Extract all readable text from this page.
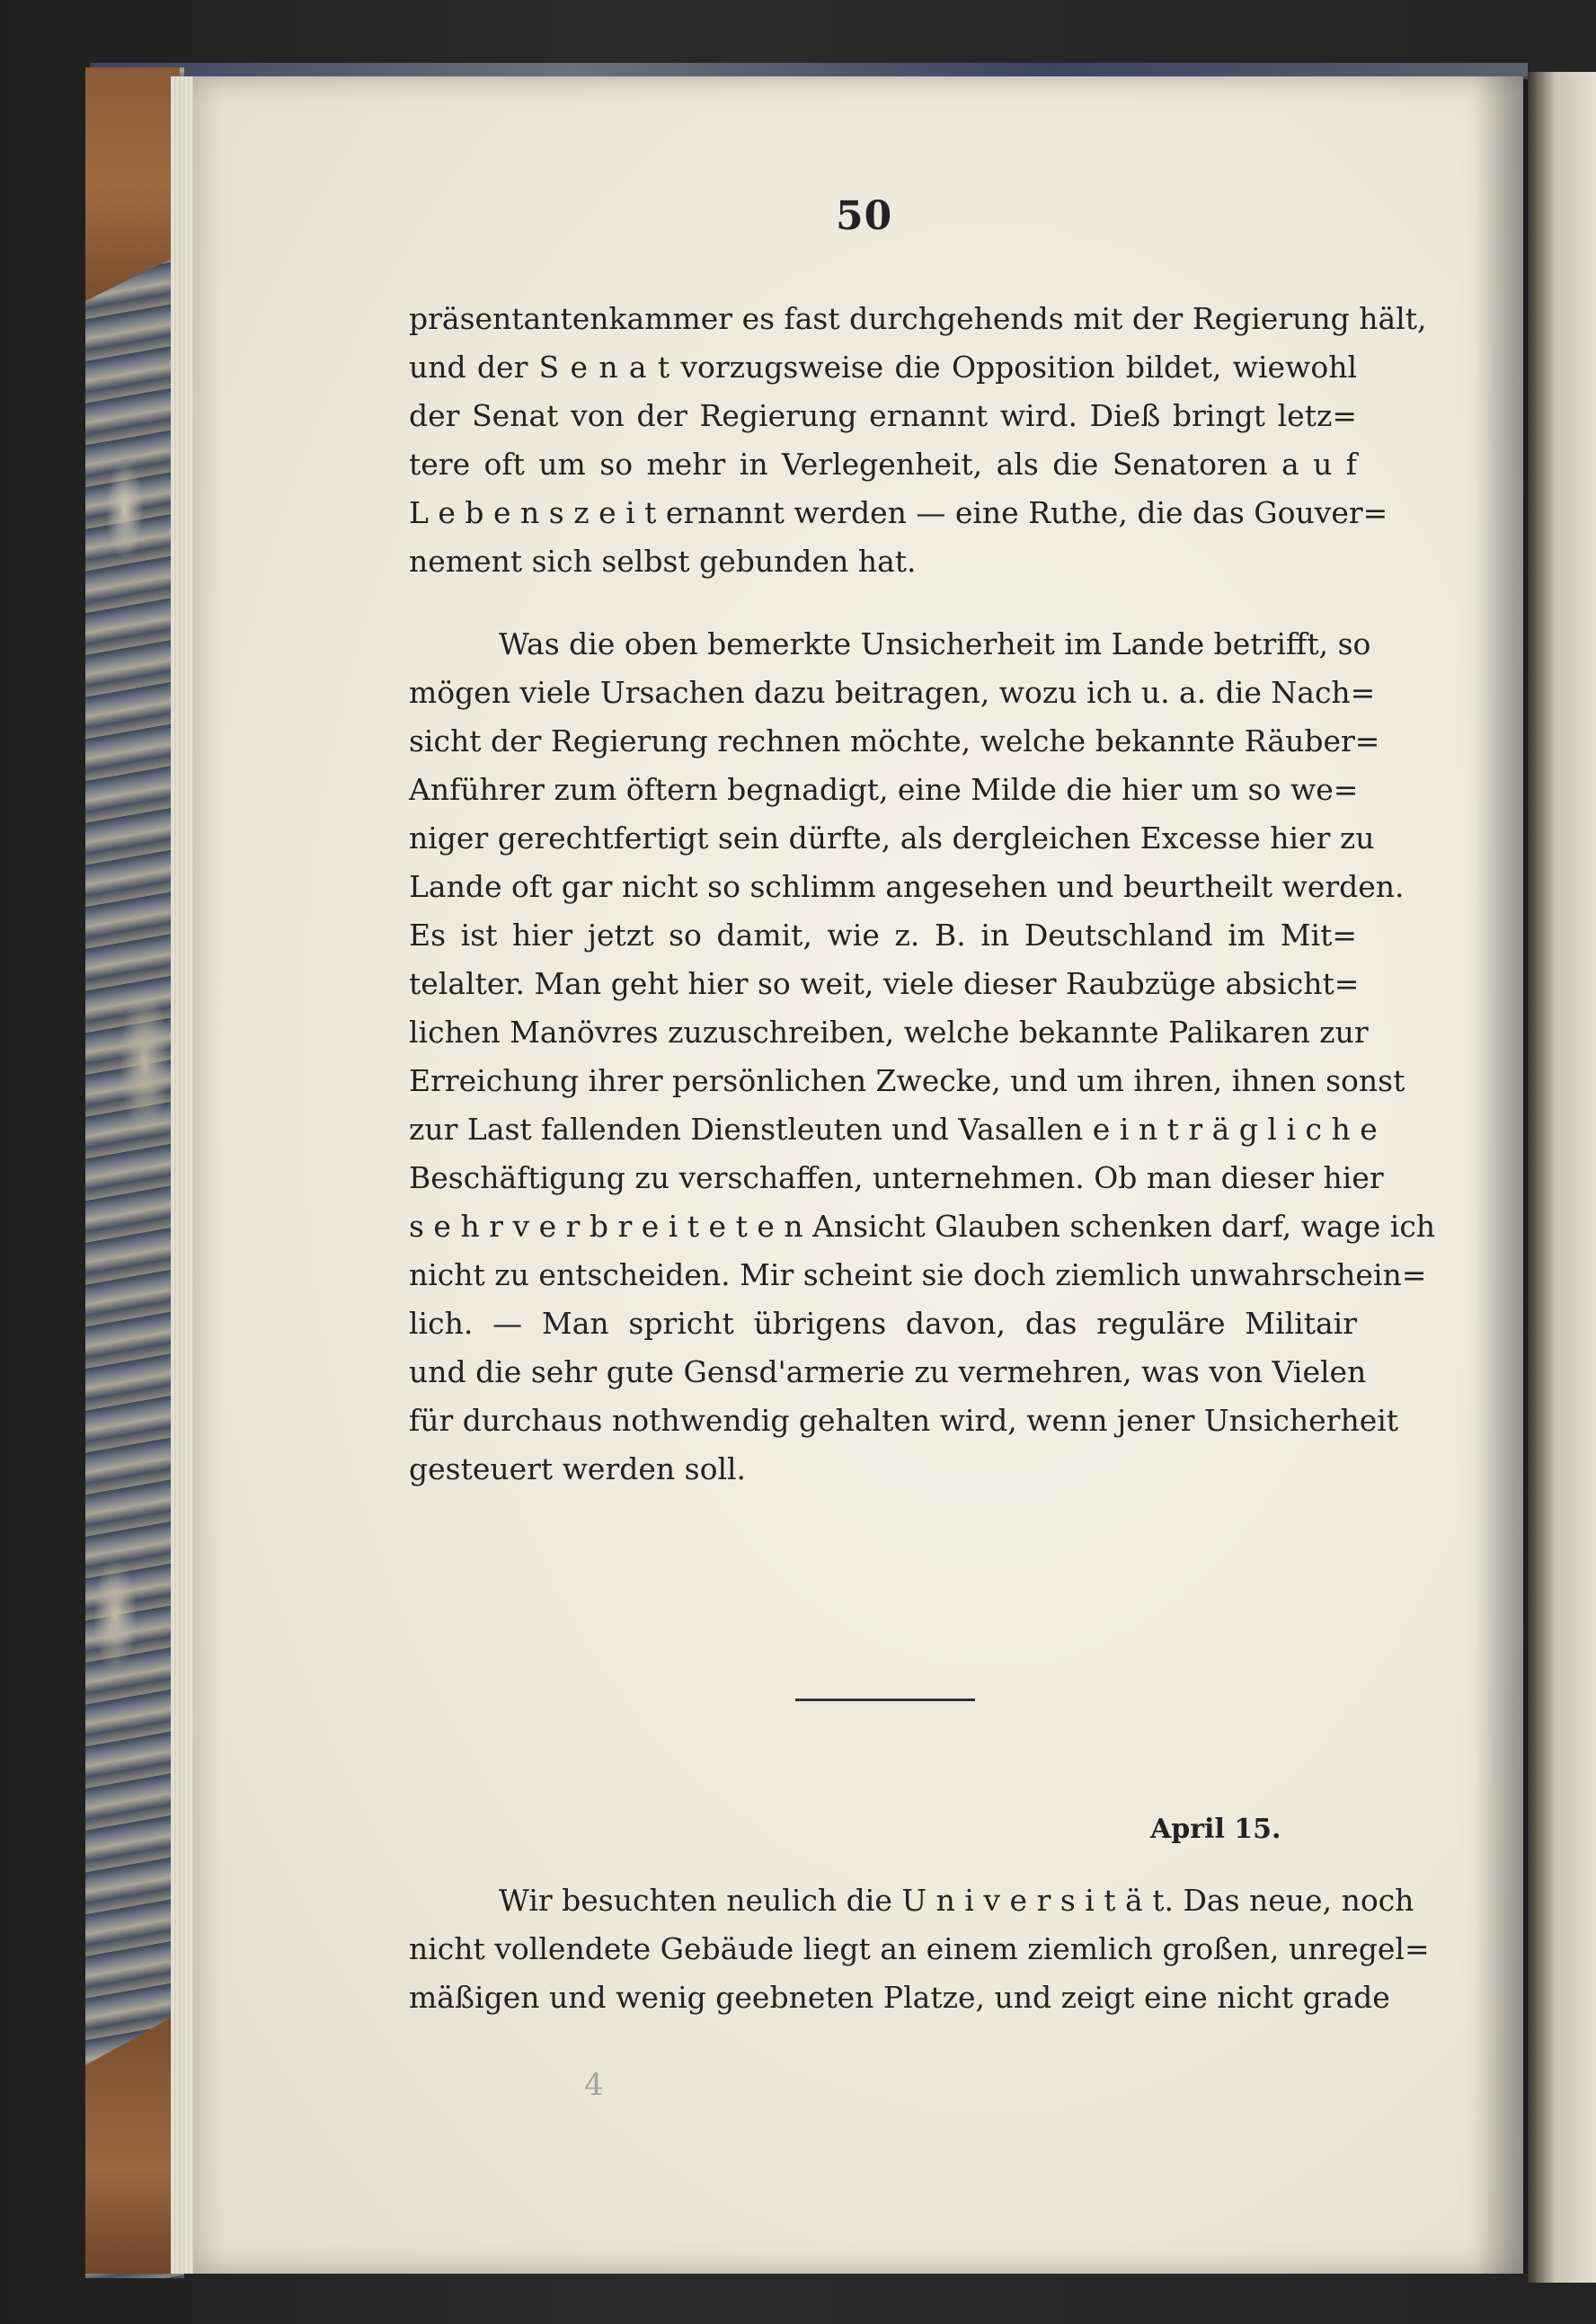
50
präsentantenkammer es fast durchgehends mit der Regierung hält,
und der S e n a t vorzugsweise die Opposition bildet, wiewohl
der Senat von der Regierung ernannt wird. Dieß bringt letz=
tere oft um so mehr in Verlegenheit, als die Senatoren a u f
L e b e n s z e i t ernannt werden — eine Ruthe, die das Gouver=
nement sich selbst gebunden hat.
Was die oben bemerkte Unsicherheit im Lande betrifft, so
mögen viele Ursachen dazu beitragen, wozu ich u. a. die Nach=
sicht der Regierung rechnen möchte, welche bekannte Räuber=
Anführer zum öftern begnadigt, eine Milde die hier um so we=
niger gerechtfertigt sein dürfte, als dergleichen Excesse hier zu
Lande oft gar nicht so schlimm angesehen und beurtheilt werden.
Es ist hier jetzt so damit, wie z. B. in Deutschland im Mit=
telalter. Man geht hier so weit, viele dieser Raubzüge absicht=
lichen Manövres zuzuschreiben, welche bekannte Palikaren zur
Erreichung ihrer persönlichen Zwecke, und um ihren, ihnen sonst
zur Last fallenden Dienstleuten und Vasallen e i n t r ä g l i c h e
Beschäftigung zu verschaffen, unternehmen. Ob man dieser hier
s e h r v e r b r e i t e t e n Ansicht Glauben schenken darf, wage ich
nicht zu entscheiden. Mir scheint sie doch ziemlich unwahrschein=
lich. — Man spricht übrigens davon, das reguläre Militair
und die sehr gute Gensd'armerie zu vermehren, was von Vielen
für durchaus nothwendig gehalten wird, wenn jener Unsicherheit
gesteuert werden soll.
April 15.
Wir besuchten neulich die U n i v e r s i t ä t. Das neue, noch
nicht vollendete Gebäude liegt an einem ziemlich großen, unregel=
mäßigen und wenig geebneten Platze, und zeigt eine nicht grade
4
